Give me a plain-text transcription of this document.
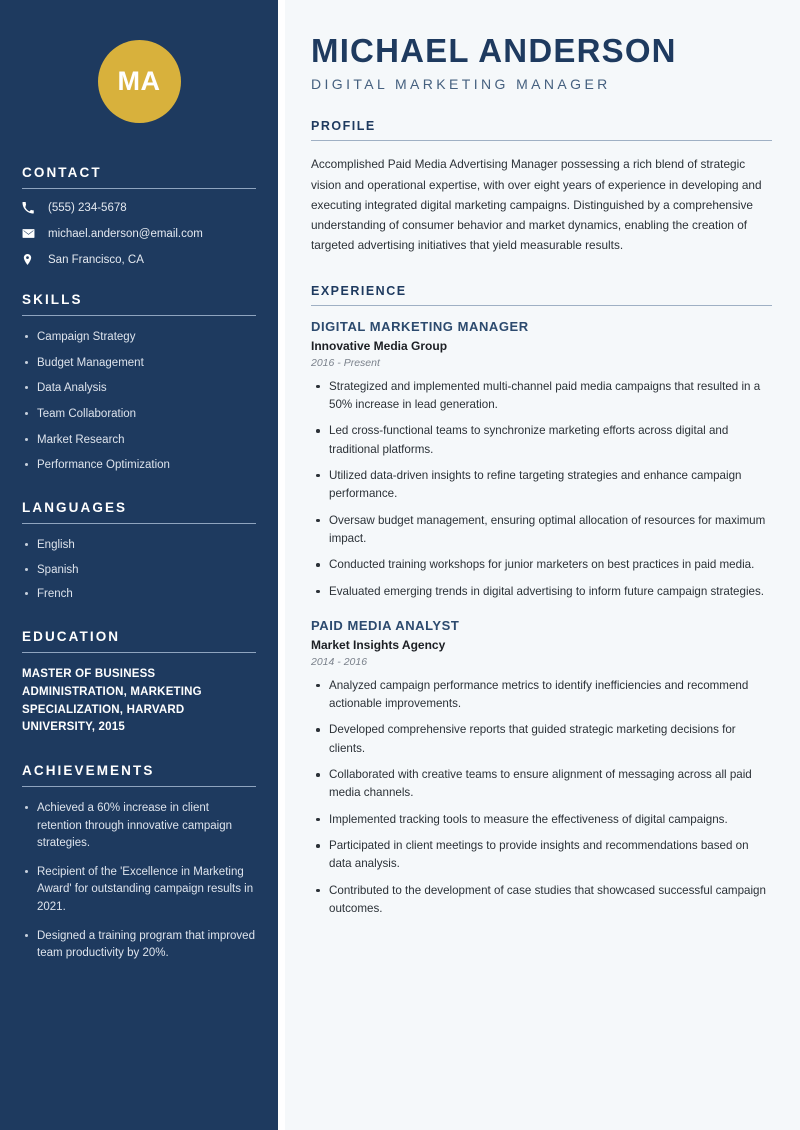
MA
CONTACT
(555) 234-5678
michael.anderson@email.com
San Francisco, CA
SKILLS
Campaign Strategy
Budget Management
Data Analysis
Team Collaboration
Market Research
Performance Optimization
LANGUAGES
English
Spanish
French
EDUCATION
MASTER OF BUSINESS ADMINISTRATION, MARKETING SPECIALIZATION, HARVARD UNIVERSITY, 2015
ACHIEVEMENTS
Achieved a 60% increase in client retention through innovative campaign strategies.
Recipient of the 'Excellence in Marketing Award' for outstanding campaign results in 2021.
Designed a training program that improved team productivity by 20%.
MICHAEL ANDERSON
DIGITAL MARKETING MANAGER
PROFILE

Accomplished Paid Media Advertising Manager possessing a rich blend of strategic vision and operational expertise, with over eight years of experience in developing and executing integrated digital marketing campaigns. Distinguished by a comprehensive understanding of consumer behavior and market dynamics, enabling the creation of targeted advertising initiatives that yield measurable results.

EXPERIENCE
DIGITAL MARKETING MANAGER
Innovative Media Group
2016 - Present
Strategized and implemented multi-channel paid media campaigns that resulted in a 50% increase in lead generation.
Led cross-functional teams to synchronize marketing efforts across digital and traditional platforms.
Utilized data-driven insights to refine targeting strategies and enhance campaign performance.
Oversaw budget management, ensuring optimal allocation of resources for maximum impact.
Conducted training workshops for junior marketers on best practices in paid media.
Evaluated emerging trends in digital advertising to inform future campaign strategies.
PAID MEDIA ANALYST
Market Insights Agency
2014 - 2016
Analyzed campaign performance metrics to identify inefficiencies and recommend actionable improvements.
Developed comprehensive reports that guided strategic marketing decisions for clients.
Collaborated with creative teams to ensure alignment of messaging across all paid media channels.
Implemented tracking tools to measure the effectiveness of digital campaigns.
Participated in client meetings to provide insights and recommendations based on data analysis.
Contributed to the development of case studies that showcased successful campaign outcomes.
